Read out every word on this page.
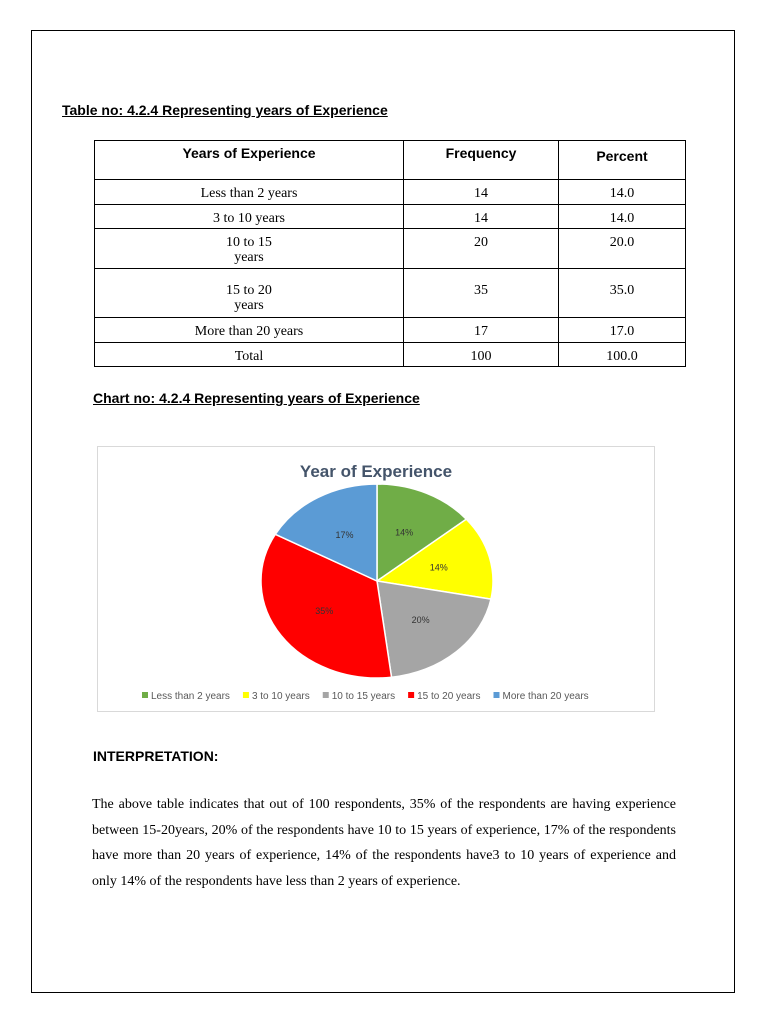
Table no: 4.2.4 Representing years of Experience
Years of Experience	Frequency	Percent
Less than 2 years	14	14.0
3 to 10 years	14	14.0
10 to 15 years	20	20.0
15 to 20 years	35	35.0
More than 20 years	17	17.0
Total	100	100.0
Chart no: 4.2.4 Representing years of Experience
Year of Experience
14%
14%
20%
35%
17%
Less than 2 years 3 to 10 years 10 to 15 years 15 to 20 years More than 20 years
INTERPRETATION:

The above table indicates that out of 100 respondents, 35% of the respondents are having experience between 15-20years, 20% of the respondents have 10 to 15 years of experience, 17% of the respondents have more than 20 years of experience, 14% of the respondents have3 to 10 years of experience and only 14% of the respondents have less than 2 years of experience.
